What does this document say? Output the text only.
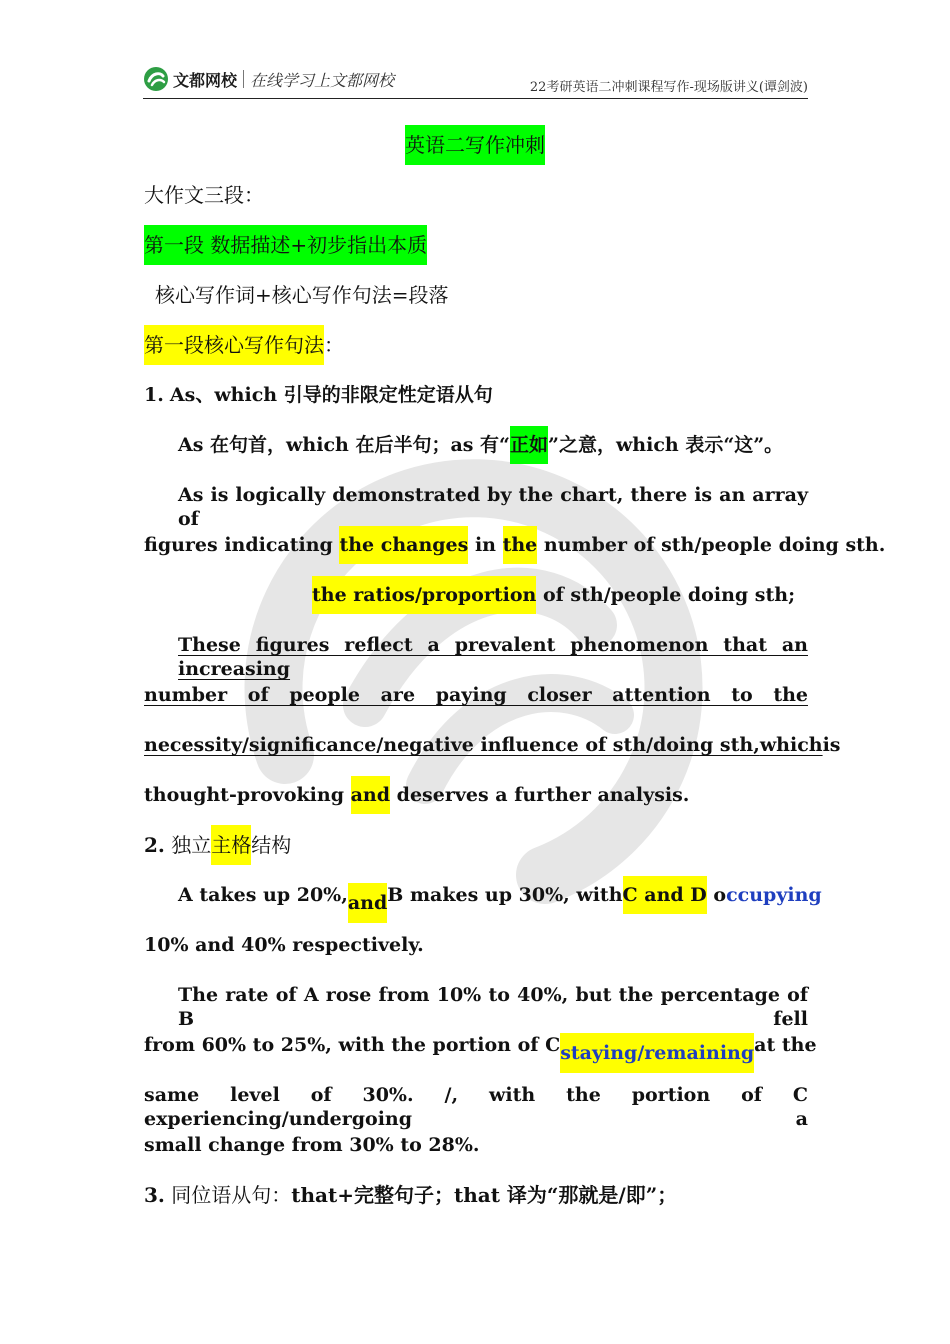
文都网校 在线学习上文都网校	22考研英语二冲刺课程写作-现场版讲义(谭剑波)
英语二写作冲刺
大作文三段：
第一段 数据描述+初步指出本质
核心写作词+核心写作句法=段落
第一段核心写作句法：
1. As、which 引导的非限定性定语从句
As 在句首，which 在后半句；as 有“正如”之意，which 表示“这”。
As is logically demonstrated by the chart, there is an array of
figures indicating the changes in the number of sth/people doing sth.
the ratios/proportion of sth/people doing sth;
These figures reflect a prevalent phenomenon that an increasing
number of people are paying closer attention to the
necessity/significance/negative influence of sth/doing sth, which is
thought-provoking and deserves a further analysis.
2. 独立主格结构
A takes up 20%, and B makes up 30%, with C and D occupying
10% and 40% respectively.
The rate of A rose from 10% to 40%, but the percentage of B fell
from 60% to 25%, with the portion of C staying/remaining at the
same level of 30%. /, with the portion of C experiencing/undergoing a
small change from 30% to 28%.
3. 同位语从句：that+完整句子；that 译为“那就是/即”；
